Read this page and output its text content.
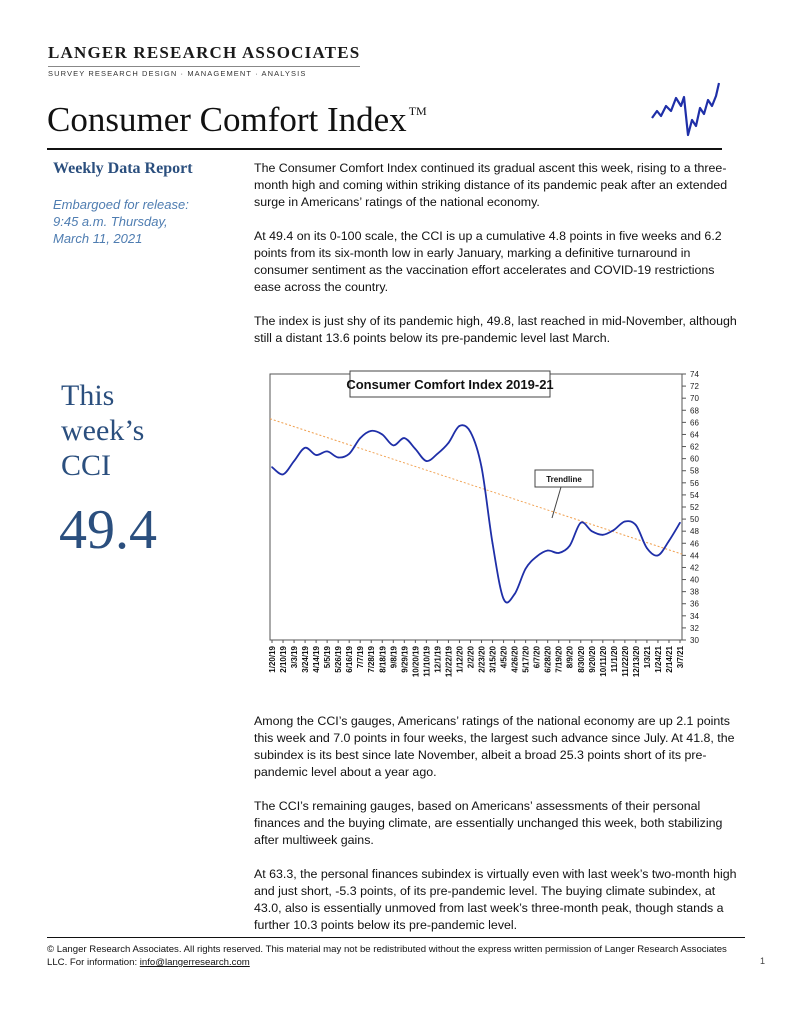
LANGER RESEARCH ASSOCIATES
SURVEY RESEARCH DESIGN · MANAGEMENT · ANALYSIS
Consumer Comfort Index ™
Weekly Data Report
Embargoed for release:
9:45 a.m. Thursday,
March 11, 2021

The Consumer Comfort Index continued its gradual ascent this week, rising to a three-month high and coming within striking distance of its pandemic peak after an extended surge in Americans’ ratings of the national economy.

At 49.4 on its 0-100 scale, the CCI is up a cumulative 4.8 points in five weeks and 6.2 points from its six-month low in early January, marking a definitive turnaround in consumer sentiment as the vaccination effort accelerates and COVID-19 restrictions ease across the country.

The index is just shy of its pandemic high, 49.8, last reached in mid-November, although still a distant 13.6 points below its pre-pandemic level last March.

This
week’s
CCI
49.4
30
32
34
36
38
40
42
44
46
48
50
52
54
56
58
60
62
64
66
68
70
72
74
1/20/19 2/10/19 3/3/19 3/24/19 4/14/19 5/5/19 5/26/19 6/16/19 7/7/19 7/28/19 8/18/19 9/8/19 9/29/19 10/20/19 11/10/19 12/1/19 12/22/19 1/12/20 2/2/20 2/23/20 3/15/20 4/5/20 4/26/20 5/17/20 6/7/20 6/28/20 7/19/20 8/9/20 8/30/20 9/20/20 10/11/20 11/1/20 11/22/20 12/13/20 1/3/21 1/24/21 2/14/21 3/7/21
Consumer Comfort Index 2019-21
Trendline

Among the CCI’s gauges, Americans’ ratings of the national economy are up 2.1 points this week and 7.0 points in four weeks, the largest such advance since July. At 41.8, the subindex is its best since late November, albeit a broad 25.3 points short of its pre-pandemic level about a year ago.

The CCI’s remaining gauges, based on Americans’ assessments of their personal finances and the buying climate, are essentially unchanged this week, both stabilizing after multiweek gains.

At 63.3, the personal finances subindex is virtually even with last week’s two-month high and just short, -5.3 points, of its pre-pandemic level. The buying climate subindex, at 43.0, also is essentially unmoved from last week’s three-month peak, though stands a further 10.3 points below its pre-pandemic level.

© Langer Research Associates. All rights reserved. This material may not be redistributed without the express written permission of Langer Research Associates LLC. For information: info@langerresearch.com	1
